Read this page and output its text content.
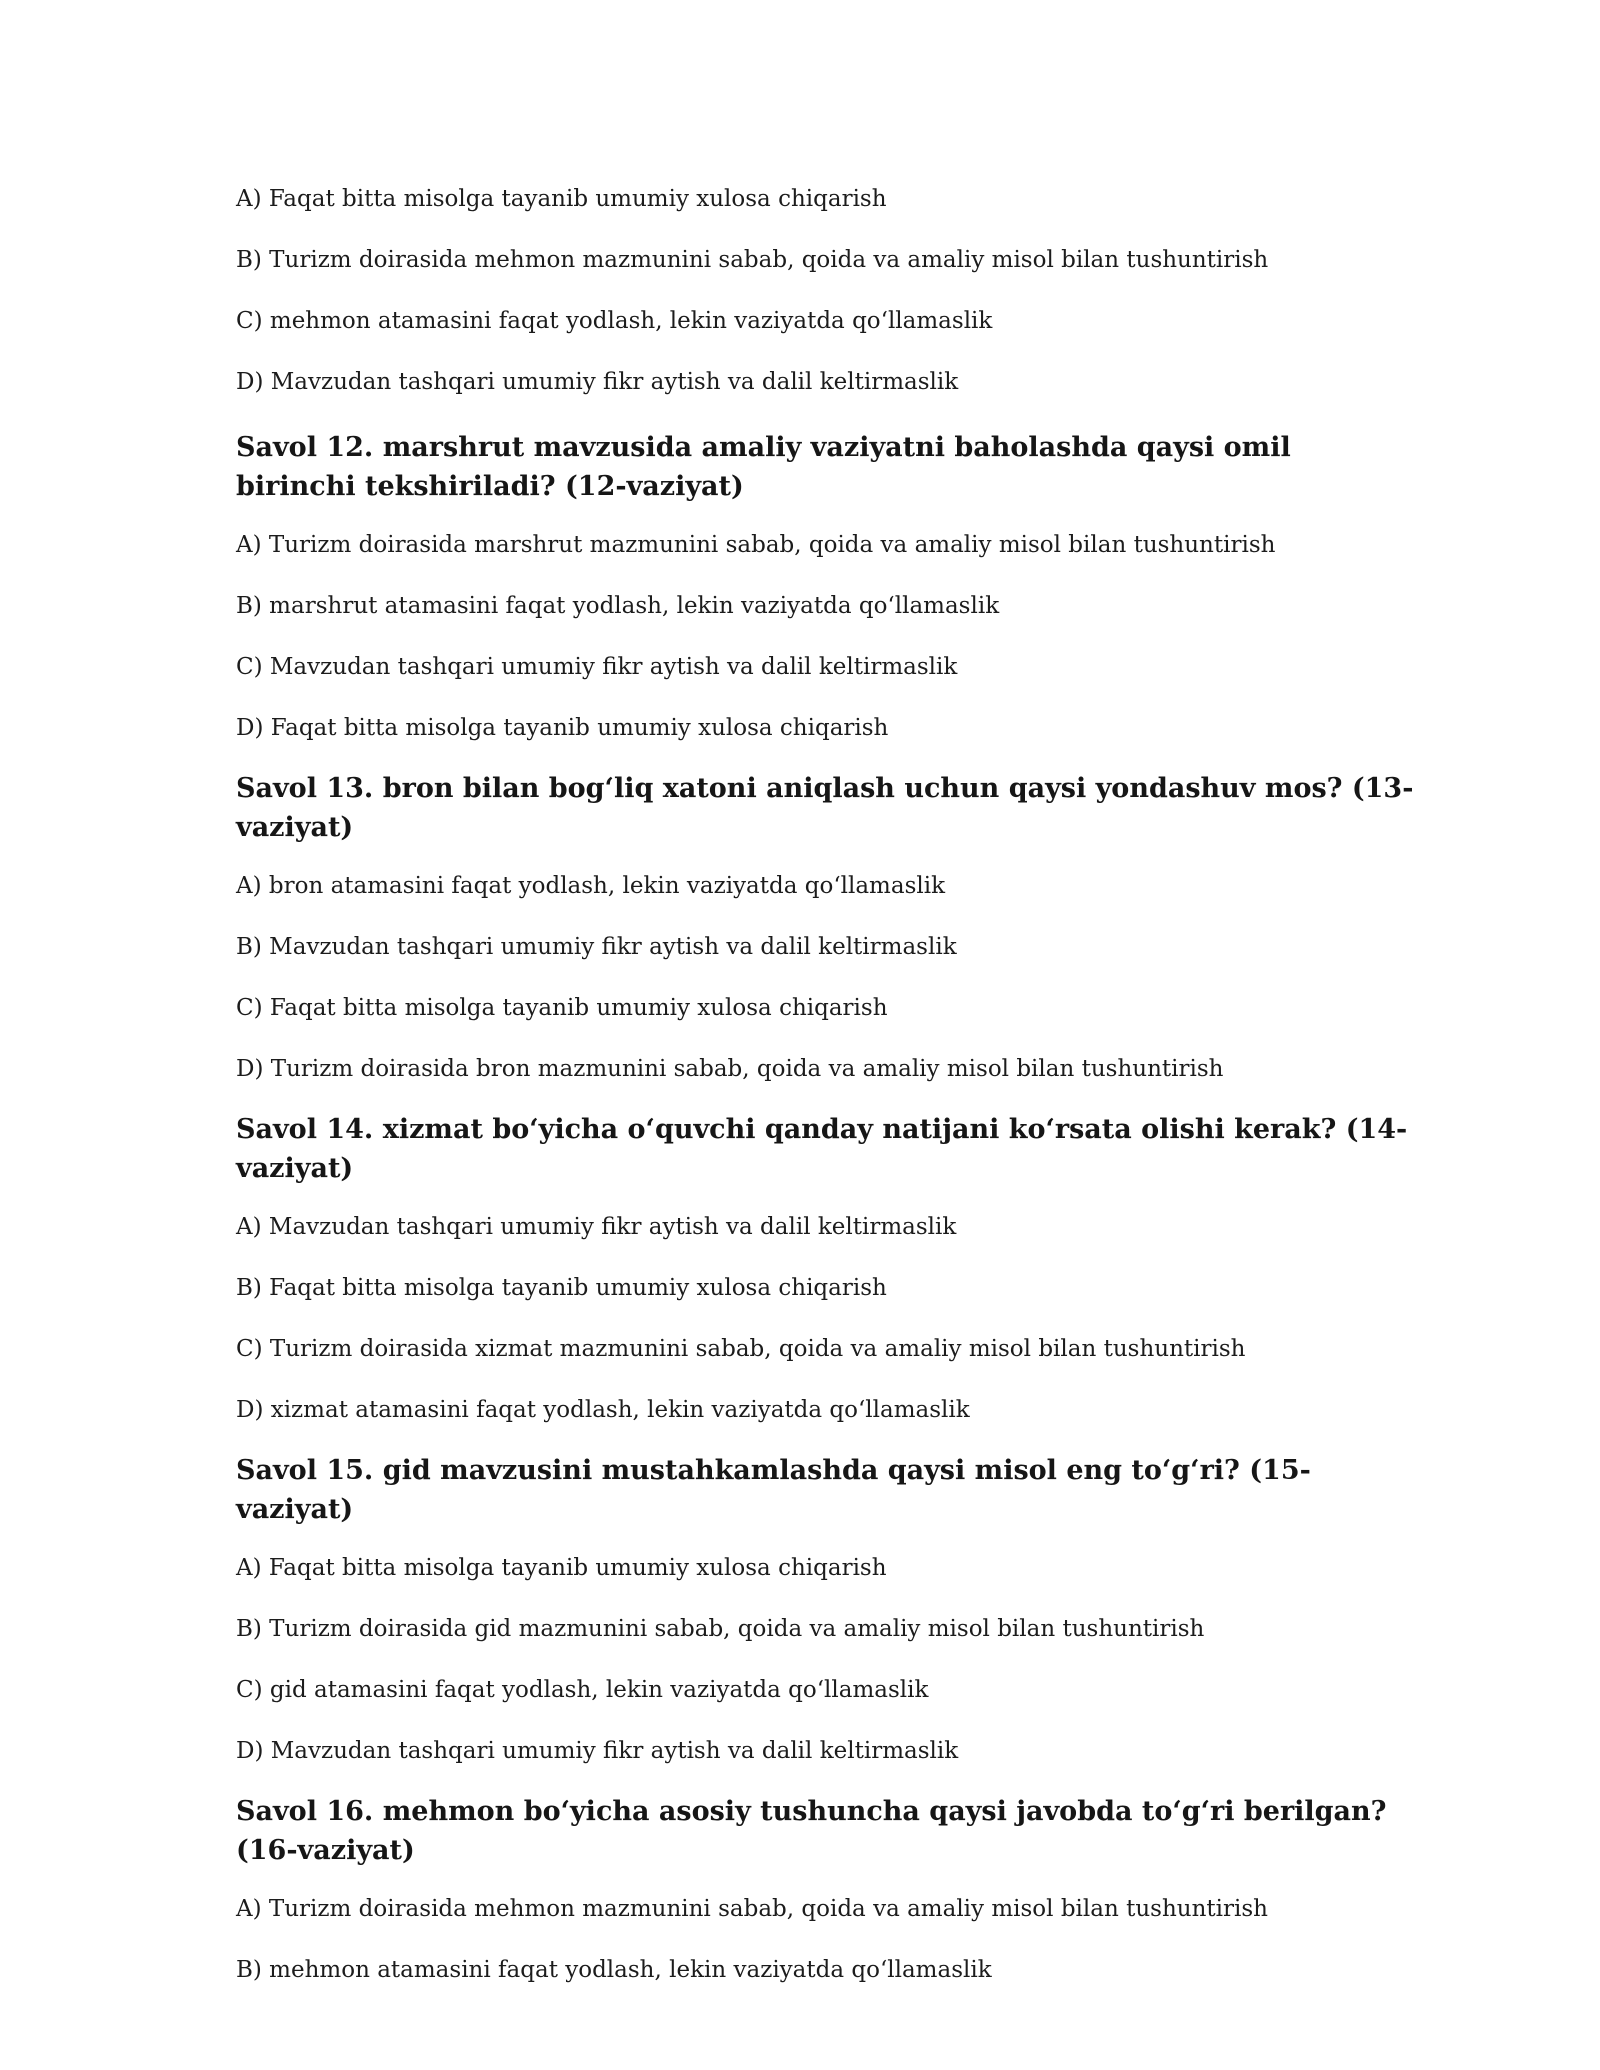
A) Faqat bitta misolga tayanib umumiy xulosa chiqarish

B) Turizm doirasida mehmon mazmunini sabab, qoida va amaliy misol bilan tushuntirish

C) mehmon atamasini faqat yodlash, lekin vaziyatda qo‘llamaslik

D) Mavzudan tashqari umumiy fikr aytish va dalil keltirmaslik

Savol 12. marshrut mavzusida amaliy vaziyatni baholashda qaysi omil birinchi tekshiriladi? (12-vaziyat)

A) Turizm doirasida marshrut mazmunini sabab, qoida va amaliy misol bilan tushuntirish

B) marshrut atamasini faqat yodlash, lekin vaziyatda qo‘llamaslik

C) Mavzudan tashqari umumiy fikr aytish va dalil keltirmaslik

D) Faqat bitta misolga tayanib umumiy xulosa chiqarish

Savol 13. bron bilan bog‘liq xatoni aniqlash uchun qaysi yondashuv mos? (13-vaziyat)

A) bron atamasini faqat yodlash, lekin vaziyatda qo‘llamaslik

B) Mavzudan tashqari umumiy fikr aytish va dalil keltirmaslik

C) Faqat bitta misolga tayanib umumiy xulosa chiqarish

D) Turizm doirasida bron mazmunini sabab, qoida va amaliy misol bilan tushuntirish

Savol 14. xizmat bo‘yicha o‘quvchi qanday natijani ko‘rsata olishi kerak? (14-vaziyat)

A) Mavzudan tashqari umumiy fikr aytish va dalil keltirmaslik

B) Faqat bitta misolga tayanib umumiy xulosa chiqarish

C) Turizm doirasida xizmat mazmunini sabab, qoida va amaliy misol bilan tushuntirish

D) xizmat atamasini faqat yodlash, lekin vaziyatda qo‘llamaslik

Savol 15. gid mavzusini mustahkamlashda qaysi misol eng to‘g‘ri? (15-vaziyat)

A) Faqat bitta misolga tayanib umumiy xulosa chiqarish

B) Turizm doirasida gid mazmunini sabab, qoida va amaliy misol bilan tushuntirish

C) gid atamasini faqat yodlash, lekin vaziyatda qo‘llamaslik

D) Mavzudan tashqari umumiy fikr aytish va dalil keltirmaslik

Savol 16. mehmon bo‘yicha asosiy tushuncha qaysi javobda to‘g‘ri berilgan? (16-vaziyat)

A) Turizm doirasida mehmon mazmunini sabab, qoida va amaliy misol bilan tushuntirish

B) mehmon atamasini faqat yodlash, lekin vaziyatda qo‘llamaslik
